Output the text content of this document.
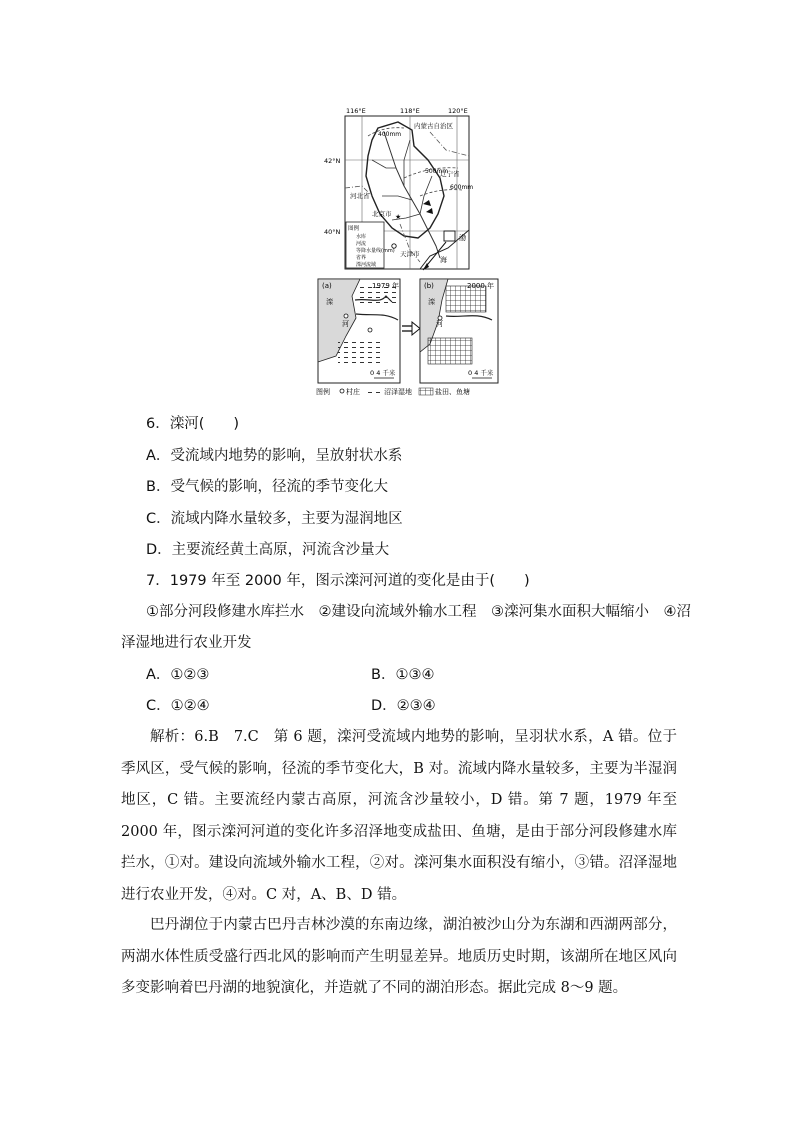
★
116°E	118°E	120°E
42°N
40°N
内蒙古自治区
河北省
辽宁省
北京市
天津市
渤
海
400mm
500mm
600mm
图例
水库
河流
等降水量线(mm)
省界
滦河流域
(a)	1979 年
滦
河
0 4 千米
(b)	2000 年
滦
河
0 4 千米
图例 村庄	沼泽湿地	盐田、鱼塘
6．滦河(　　)
A．受流域内地势的影响，呈放射状水系
B．受气候的影响，径流的季节变化大
C．流域内降水量较多，主要为湿润地区
D．主要流经黄土高原，河流含沙量大
7．1979 年至 2000 年，图示滦河河道的变化是由于(　　)
①部分河段修建水库拦水　②建设向流域外输水工程　③滦河集水面积大幅缩小　④沼
泽湿地进行农业开发
A．①②③	B．①③④
C．①②④	D．②③④
解析：6.B　7.C　第 6 题，滦河受流域内地势的影响，呈羽状水系，A 错。位于季风区，受气候的影响，径流的季节变化大，B 对。流域内降水量较多，主要为半湿润地区，C 错。主要流经内蒙古高原，河流含沙量较小，D 错。第 7 题，1979 年至 2000 年，图示滦河河道的变化许多沼泽地变成盐田、鱼塘，是由于部分河段修建水库拦水，①对。建设向流域外输水工程，②对。滦河集水面积没有缩小，③错。沼泽湿地进行农业开发，④对。C 对，A、B、D 错。
巴丹湖位于内蒙古巴丹吉林沙漠的东南边缘，湖泊被沙山分为东湖和西湖两部分，两湖水体性质受盛行西北风的影响而产生明显差异。地质历史时期，该湖所在地区风向多变影响着巴丹湖的地貌演化，并造就了不同的湖泊形态。据此完成 8～9 题。
